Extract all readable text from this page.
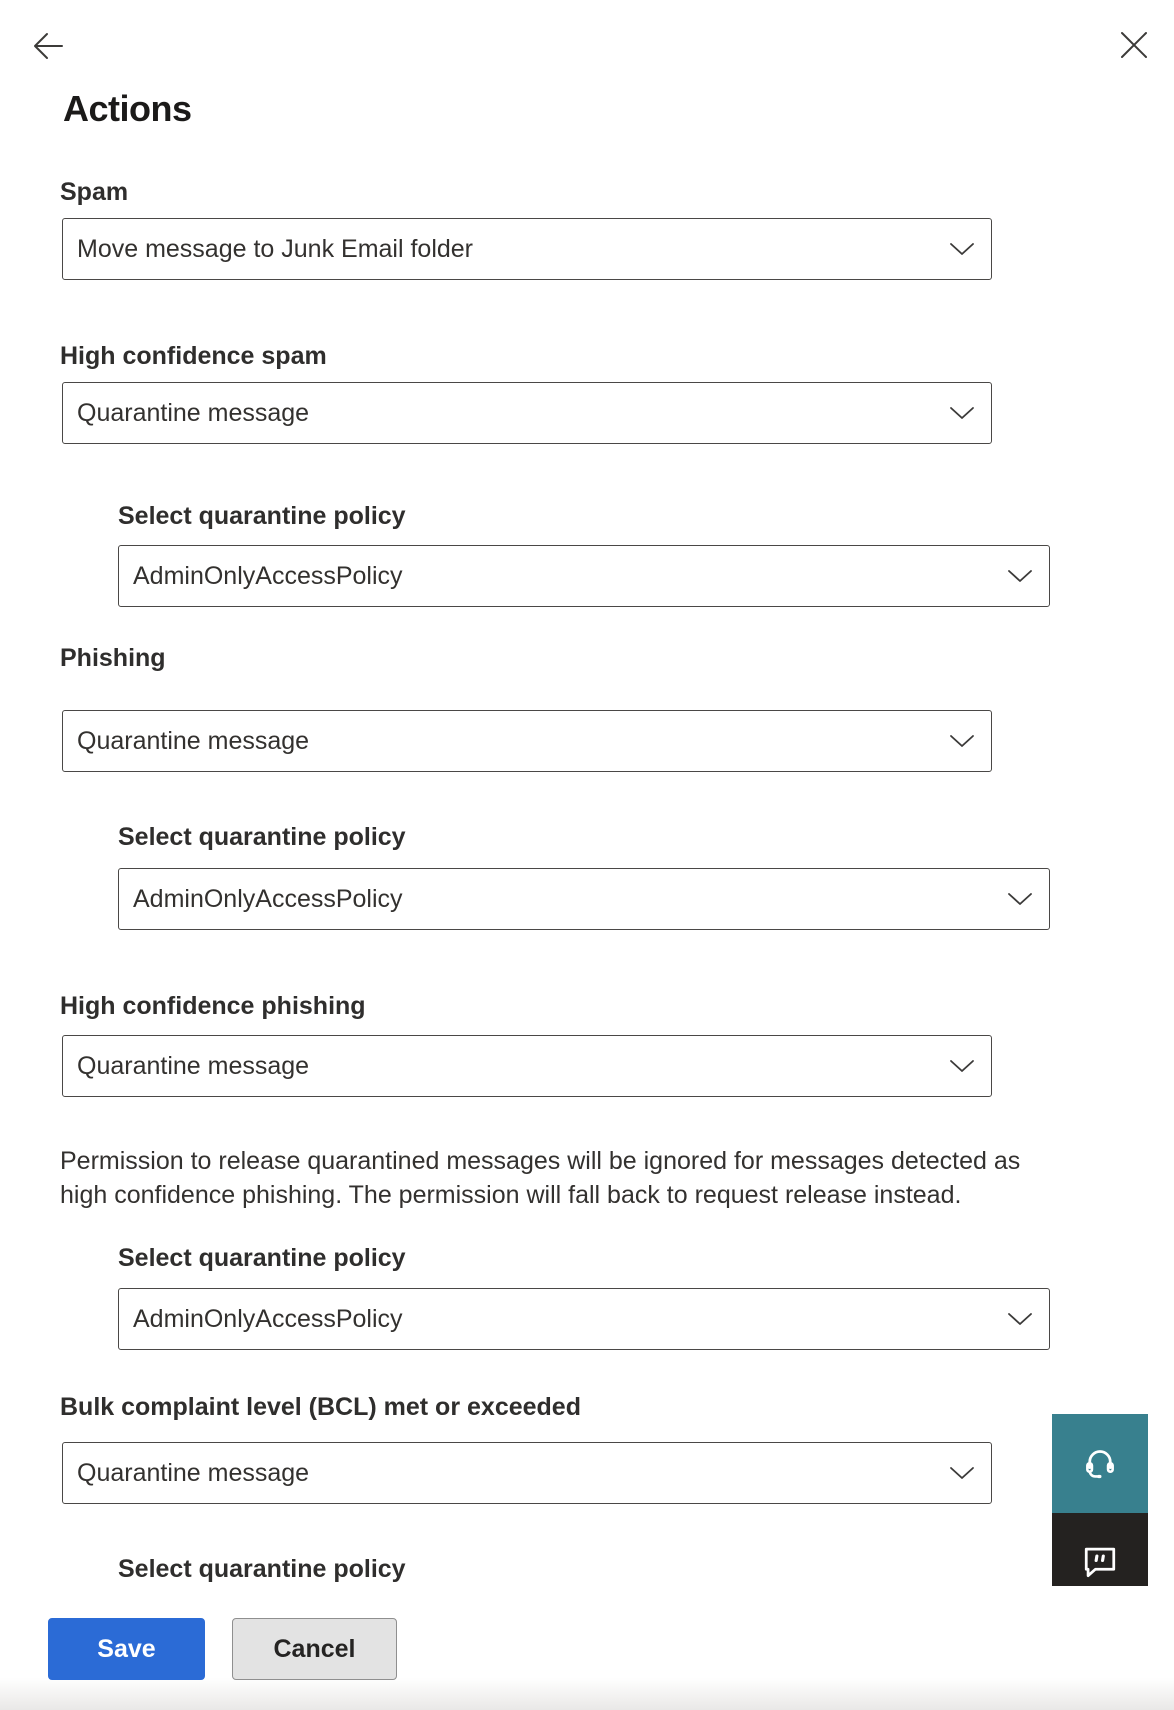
Actions
Spam
Move message to Junk Email folder
High confidence spam
Quarantine message
Select quarantine policy
AdminOnlyAccessPolicy
Phishing
Quarantine message
Select quarantine policy
AdminOnlyAccessPolicy
High confidence phishing
Quarantine message
Permission to release quarantined messages will be ignored for messages detected as high confidence phishing. The permission will fall back to request release instead.
Select quarantine policy
AdminOnlyAccessPolicy
Bulk complaint level (BCL) met or exceeded
Quarantine message
Select quarantine policy
Save	Cancel
